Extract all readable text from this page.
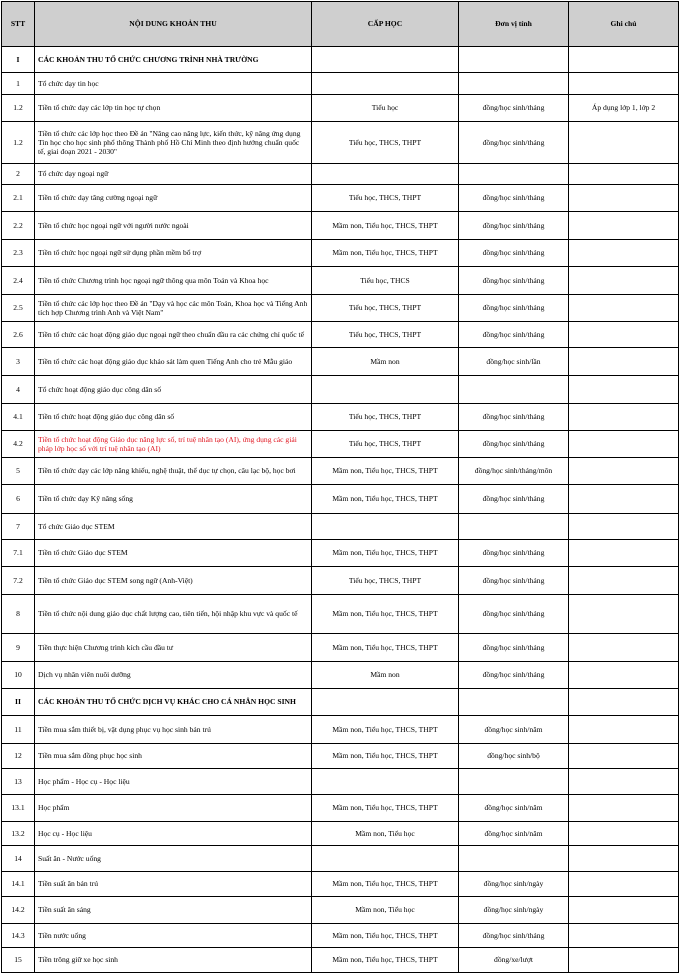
STT	NỘI DUNG KHOẢN THU	CẤP HỌC	Đơn vị tính	Ghi chú
I	CÁC KHOẢN THU TỔ CHỨC CHƯƠNG TRÌNH NHÀ TRƯỜNG			
1	Tổ chức dạy tin học			
1.2	Tiền tổ chức dạy các lớp tin học tự chọn	Tiểu học	đồng/học sinh/tháng	Áp dụng lớp 1, lớp 2
1.2	Tiền tổ chức các lớp học theo Đề án "Nâng cao năng lực, kiến thức, kỹ năng ứng dụng Tin học cho học sinh phổ thông Thành phố Hồ Chí Minh theo định hướng chuẩn quốc tế, giai đoạn 2021 - 2030"	Tiểu học, THCS, THPT	đồng/học sinh/tháng	
2	Tổ chức dạy ngoại ngữ			
2.1	Tiền tổ chức dạy tăng cường ngoại ngữ	Tiểu học, THCS, THPT	đồng/học sinh/tháng	
2.2	Tiền tổ chức học ngoại ngữ với người nước ngoài	Mầm non, Tiểu học, THCS, THPT	đồng/học sinh/tháng	
2.3	Tiền tổ chức học ngoại ngữ sử dụng phần mềm bổ trợ	Mầm non, Tiểu học, THCS, THPT	đồng/học sinh/tháng	
2.4	Tiền tổ chức Chương trình học ngoại ngữ thông qua môn Toán và Khoa học	Tiểu học, THCS	đồng/học sinh/tháng	
2.5	Tiền tổ chức các lớp học theo Đề án "Dạy và học các môn Toán, Khoa học và Tiếng Anh tích hợp Chương trình Anh và Việt Nam"	Tiểu học, THCS, THPT	đồng/học sinh/tháng	
2.6	Tiền tổ chức các hoạt động giáo dục ngoại ngữ theo chuẩn đầu ra các chứng chỉ quốc tế	Tiểu học, THCS, THPT	đồng/học sinh/tháng	
3	Tiền tổ chức các hoạt động giáo dục khảo sát làm quen Tiếng Anh cho trẻ Mẫu giáo	Mầm non	đồng/học sinh/lần	
4	Tổ chức hoạt động giáo dục công dân số			
4.1	Tiền tổ chức hoạt động giáo dục công dân số	Tiểu học, THCS, THPT	đồng/học sinh/tháng	
4.2	Tiền tổ chức hoạt động Giáo dục năng lực số, trí tuệ nhân tạo (AI), ứng dụng các giải pháp lớp học số với trí tuệ nhân tạo (AI)	Tiểu học, THCS, THPT	đồng/học sinh/tháng	
5	Tiền tổ chức dạy các lớp năng khiếu, nghệ thuật, thể dục tự chọn, câu lạc bộ, học bơi	Mầm non, Tiểu học, THCS, THPT	đồng/học sinh/tháng/môn	
6	Tiền tổ chức dạy Kỹ năng sống	Mầm non, Tiểu học, THCS, THPT	đồng/học sinh/tháng	
7	Tổ chức Giáo dục STEM			
7.1	Tiền tổ chức Giáo dục STEM	Mầm non, Tiểu học, THCS, THPT	đồng/học sinh/tháng	
7.2	Tiền tổ chức Giáo dục STEM song ngữ (Anh-Việt)	Tiểu học, THCS, THPT	đồng/học sinh/tháng	
8	Tiền tổ chức nội dung giáo dục chất lượng cao, tiên tiến, hội nhập khu vực và quốc tế	Mầm non, Tiểu học, THCS, THPT	đồng/học sinh/tháng	
9	Tiền thực hiện Chương trình kích cầu đầu tư	Mầm non, Tiểu học, THCS, THPT	đồng/học sinh/tháng	
10	Dịch vụ nhân viên nuôi dưỡng	Mầm non	đồng/học sinh/tháng	
II	CÁC KHOẢN THU TỔ CHỨC DỊCH VỤ KHÁC CHO CÁ NHÂN HỌC SINH			
11	Tiền mua sắm thiết bị, vật dụng phục vụ học sinh bán trú	Mầm non, Tiểu học, THCS, THPT	đồng/học sinh/năm	
12	Tiền mua sắm đồng phục học sinh	Mầm non, Tiểu học, THCS, THPT	đồng/học sinh/bộ	
13	Học phẩm - Học cụ - Học liệu			
13.1	Học phẩm	Mầm non, Tiểu học, THCS, THPT	đồng/học sinh/năm	
13.2	Học cụ - Học liệu	Mầm non, Tiểu học	đồng/học sinh/năm	
14	Suất ăn - Nước uống			
14.1	Tiền suất ăn bán trú	Mầm non, Tiểu học, THCS, THPT	đồng/học sinh/ngày	
14.2	Tiền suất ăn sáng	Mầm non, Tiểu học	đồng/học sinh/ngày	
14.3	Tiền nước uống	Mầm non, Tiểu học, THCS, THPT	đồng/học sinh/tháng	
15	Tiền trông giữ xe học sinh	Mầm non, Tiểu học, THCS, THPT	đồng/xe/lượt	
